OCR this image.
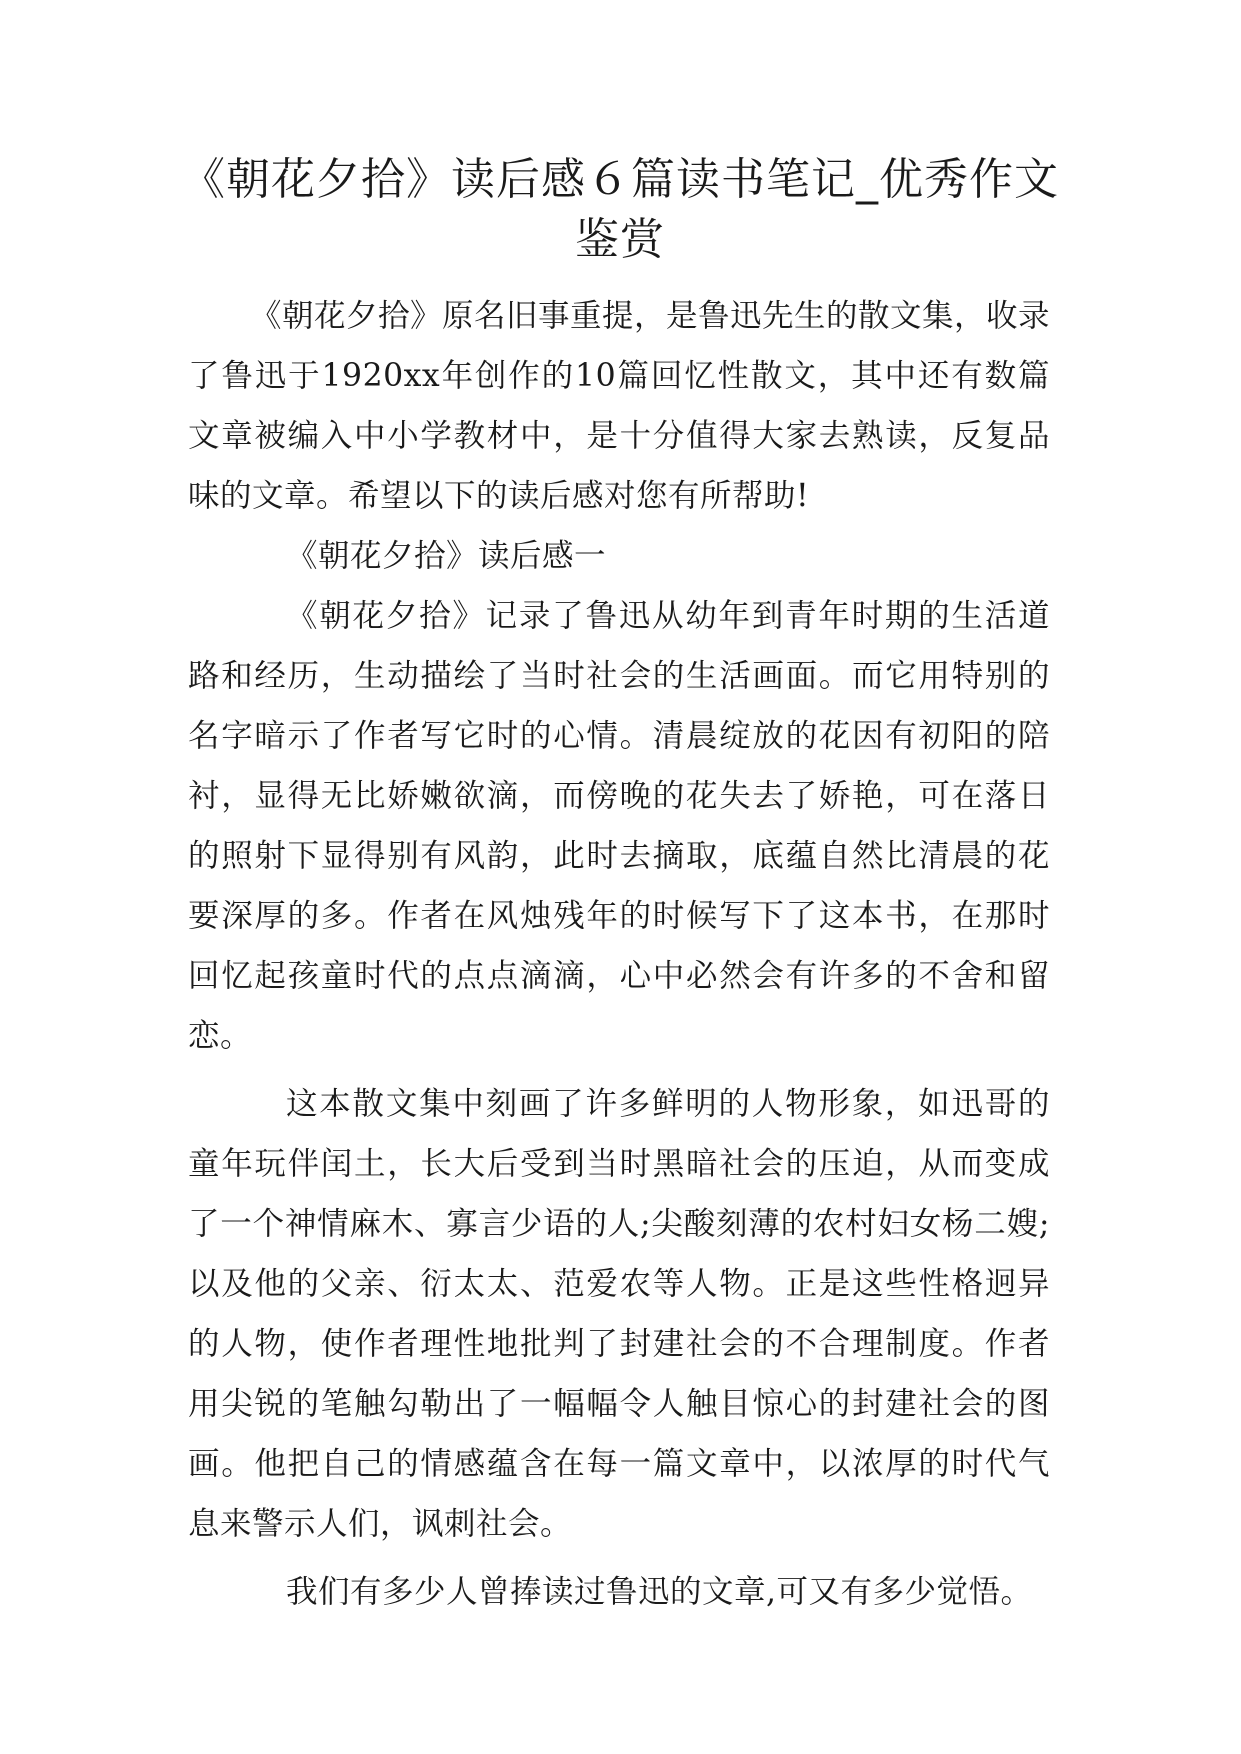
《朝花夕拾》读后感６篇读书笔记_优秀作文鉴赏

《朝花夕拾》原名旧事重提，是鲁迅先生的散文集，收录了鲁迅于1920xx年创作的10篇回忆性散文，其中还有数篇文章被编入中小学教材中，是十分值得大家去熟读，反复品味的文章。希望以下的读后感对您有所帮助!

《朝花夕拾》读后感一

《朝花夕拾》记录了鲁迅从幼年到青年时期的生活道路和经历，生动描绘了当时社会的生活画面。而它用特别的名字暗示了作者写它时的心情。清晨绽放的花因有初阳的陪衬，显得无比娇嫩欲滴，而傍晚的花失去了娇艳，可在落日的照射下显得别有风韵，此时去摘取，底蕴自然比清晨的花要深厚的多。作者在风烛残年的时候写下了这本书，在那时回忆起孩童时代的点点滴滴，心中必然会有许多的不舍和留恋。

这本散文集中刻画了许多鲜明的人物形象，如迅哥的童年玩伴闰土，长大后受到当时黑暗社会的压迫，从而变成了一个神情麻木、寡言少语的人;尖酸刻薄的农村妇女杨二嫂;以及他的父亲、衍太太、范爱农等人物。正是这些性格迥异的人物，使作者理性地批判了封建社会的不合理制度。作者用尖锐的笔触勾勒出了一幅幅令人触目惊心的封建社会的图画。他把自己的情感蕴含在每一篇文章中，以浓厚的时代气息来警示人们，讽刺社会。

我们有多少人曾捧读过鲁迅的文章,可又有多少觉悟。
